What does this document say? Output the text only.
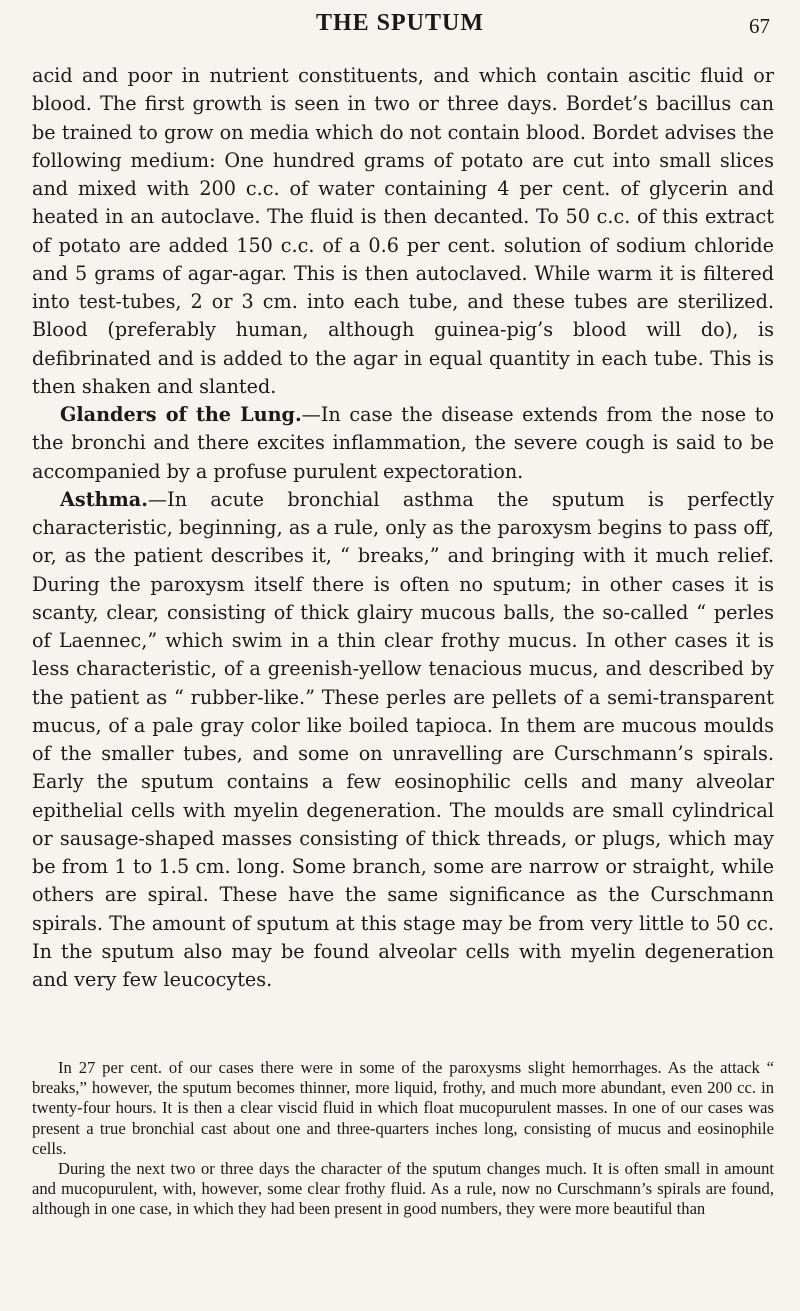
THE SPUTUM	67

acid and poor in nutrient constituents, and which contain ascitic fluid or blood. The first growth is seen in two or three days. Bordet’s bacillus can be trained to grow on media which do not contain blood. Bordet advises the following medium: One hundred grams of potato are cut into small slices and mixed with 200 c.c. of water containing 4 per cent. of glycerin and heated in an autoclave. The fluid is then decanted. To 50 c.c. of this extract of potato are added 150 c.c. of a 0.6 per cent. solution of sodium chloride and 5 grams of agar-agar. This is then autoclaved. While warm it is filtered into test-tubes, 2 or 3 cm. into each tube, and these tubes are sterilized. Blood (preferably human, although guinea-pig’s blood will do), is defibrinated and is added to the agar in equal quantity in each tube. This is then shaken and slanted.

Glanders of the Lung.—In case the disease extends from the nose to the bronchi and there excites inflammation, the severe cough is said to be accompanied by a profuse purulent expectoration.

Asthma.—In acute bronchial asthma the sputum is perfectly characteristic, beginning, as a rule, only as the paroxysm begins to pass off, or, as the patient describes it, “ breaks,” and bringing with it much relief. During the paroxysm itself there is often no sputum; in other cases it is scanty, clear, consisting of thick glairy mucous balls, the so-called “ perles of Laennec,” which swim in a thin clear frothy mucus. In other cases it is less characteristic, of a greenish-yellow tenacious mucus, and described by the patient as “ rubber-like.” These perles are pellets of a semi-transparent mucus, of a pale gray color like boiled tapioca. In them are mucous moulds of the smaller tubes, and some on unravelling are Curschmann’s spirals. Early the sputum contains a few eosinophilic cells and many alveolar epithelial cells with myelin degeneration. The moulds are small cylindrical or sausage-shaped masses consisting of thick threads, or plugs, which may be from 1 to 1.5 cm. long. Some branch, some are narrow or straight, while others are spiral. These have the same significance as the Curschmann spirals. The amount of sputum at this stage may be from very little to 50 cc. In the sputum also may be found alveolar cells with myelin degeneration and very few leucocytes.

In 27 per cent. of our cases there were in some of the paroxysms slight hemorrhages. As the attack “ breaks,” however, the sputum becomes thinner, more liquid, frothy, and much more abundant, even 200 cc. in twenty-four hours. It is then a clear viscid fluid in which float mucopurulent masses. In one of our cases was present a true bronchial cast about one and three-quarters inches long, consisting of mucus and eosinophile cells.

During the next two or three days the character of the sputum changes much. It is often small in amount and mucopurulent, with, however, some clear frothy fluid. As a rule, now no Curschmann’s spirals are found, although in one case, in which they had been present in good numbers, they were more beautiful than
